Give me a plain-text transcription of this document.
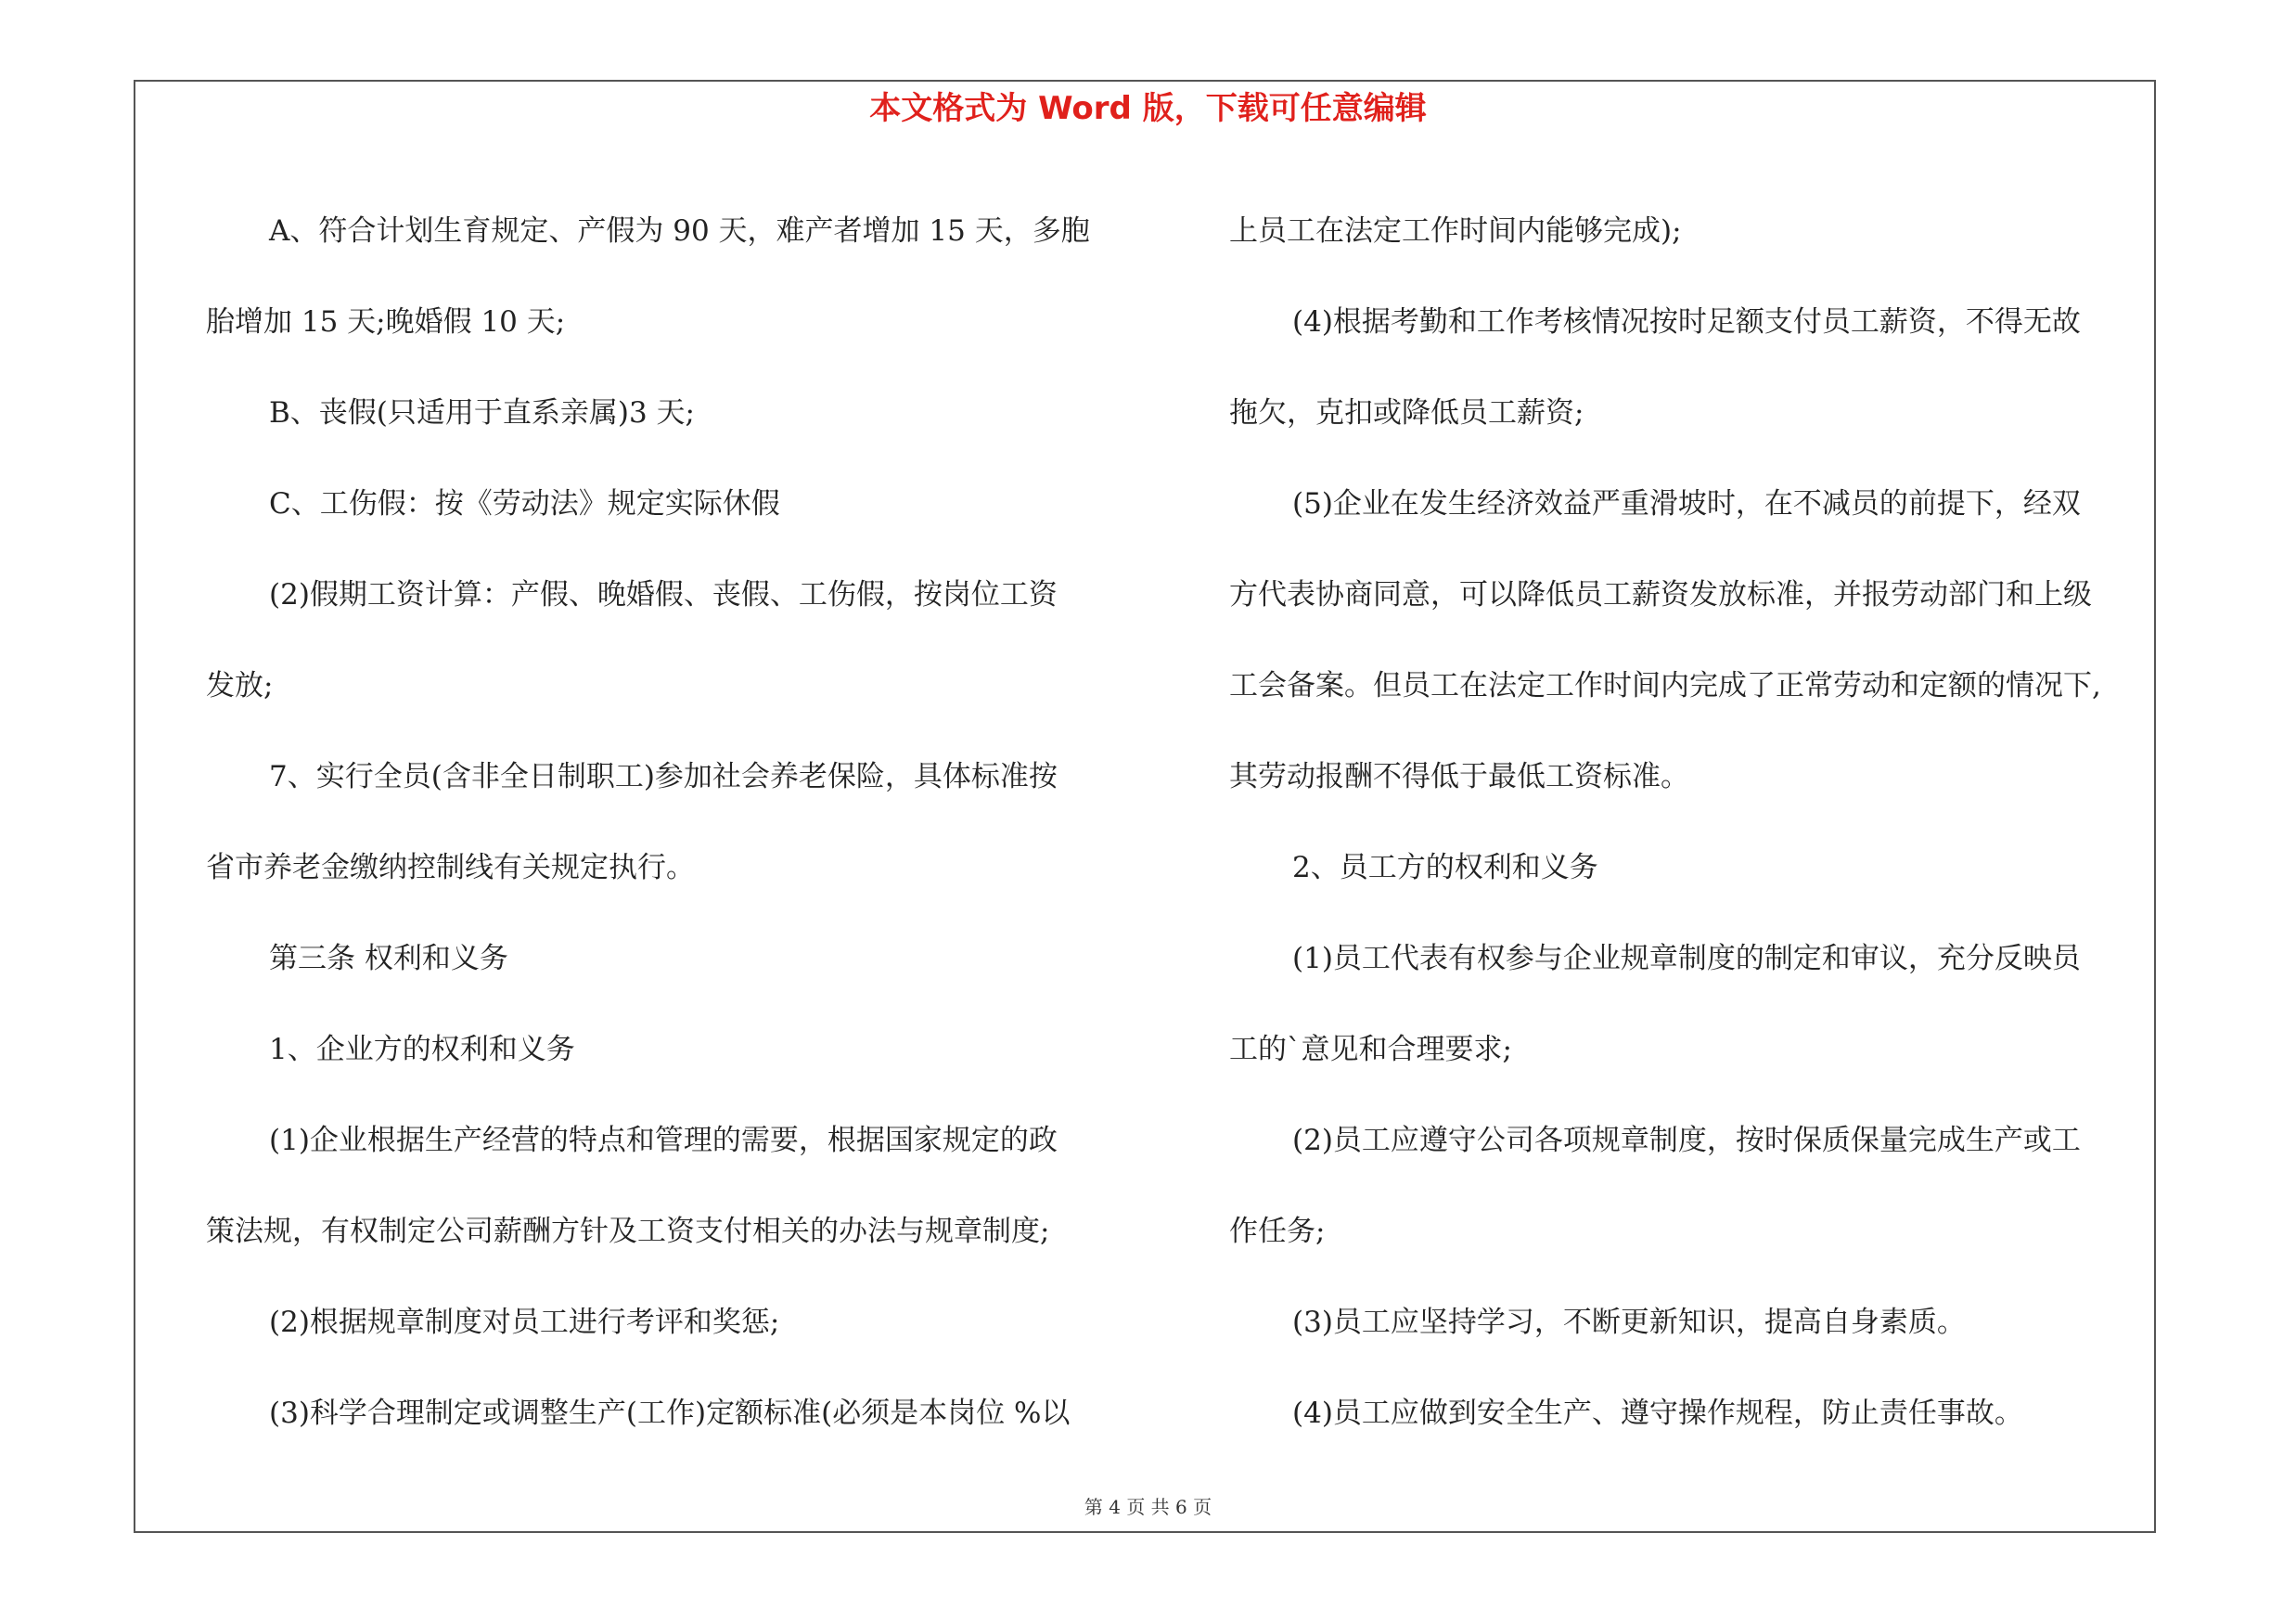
本文格式为 Word 版，下载可任意编辑
A、符合计划生育规定、产假为 90 天，难产者增加 15 天，多胞
胎增加 15 天;晚婚假 10 天;
B、丧假(只适用于直系亲属)3 天;
C、工伤假：按《劳动法》规定实际休假
(2)假期工资计算：产假、晚婚假、丧假、工伤假，按岗位工资
发放;
7、实行全员(含非全日制职工)参加社会养老保险，具体标准按
省市养老金缴纳控制线有关规定执行。
第三条 权利和义务
1、企业方的权利和义务
(1)企业根据生产经营的特点和管理的需要，根据国家规定的政
策法规，有权制定公司薪酬方针及工资支付相关的办法与规章制度;
(2)根据规章制度对员工进行考评和奖惩;
(3)科学合理制定或调整生产(工作)定额标准(必须是本岗位 %以
上员工在法定工作时间内能够完成);
(4)根据考勤和工作考核情况按时足额支付员工薪资，不得无故
拖欠，克扣或降低员工薪资;
(5)企业在发生经济效益严重滑坡时，在不减员的前提下，经双
方代表协商同意，可以降低员工薪资发放标准，并报劳动部门和上级
工会备案。但员工在法定工作时间内完成了正常劳动和定额的情况下,
其劳动报酬不得低于最低工资标准。
2、员工方的权利和义务
(1)员工代表有权参与企业规章制度的制定和审议，充分反映员
工的`意见和合理要求;
(2)员工应遵守公司各项规章制度，按时保质保量完成生产或工
作任务;
(3)员工应坚持学习，不断更新知识，提高自身素质。
(4)员工应做到安全生产、遵守操作规程，防止责任事故。
第 4 页 共 6 页
